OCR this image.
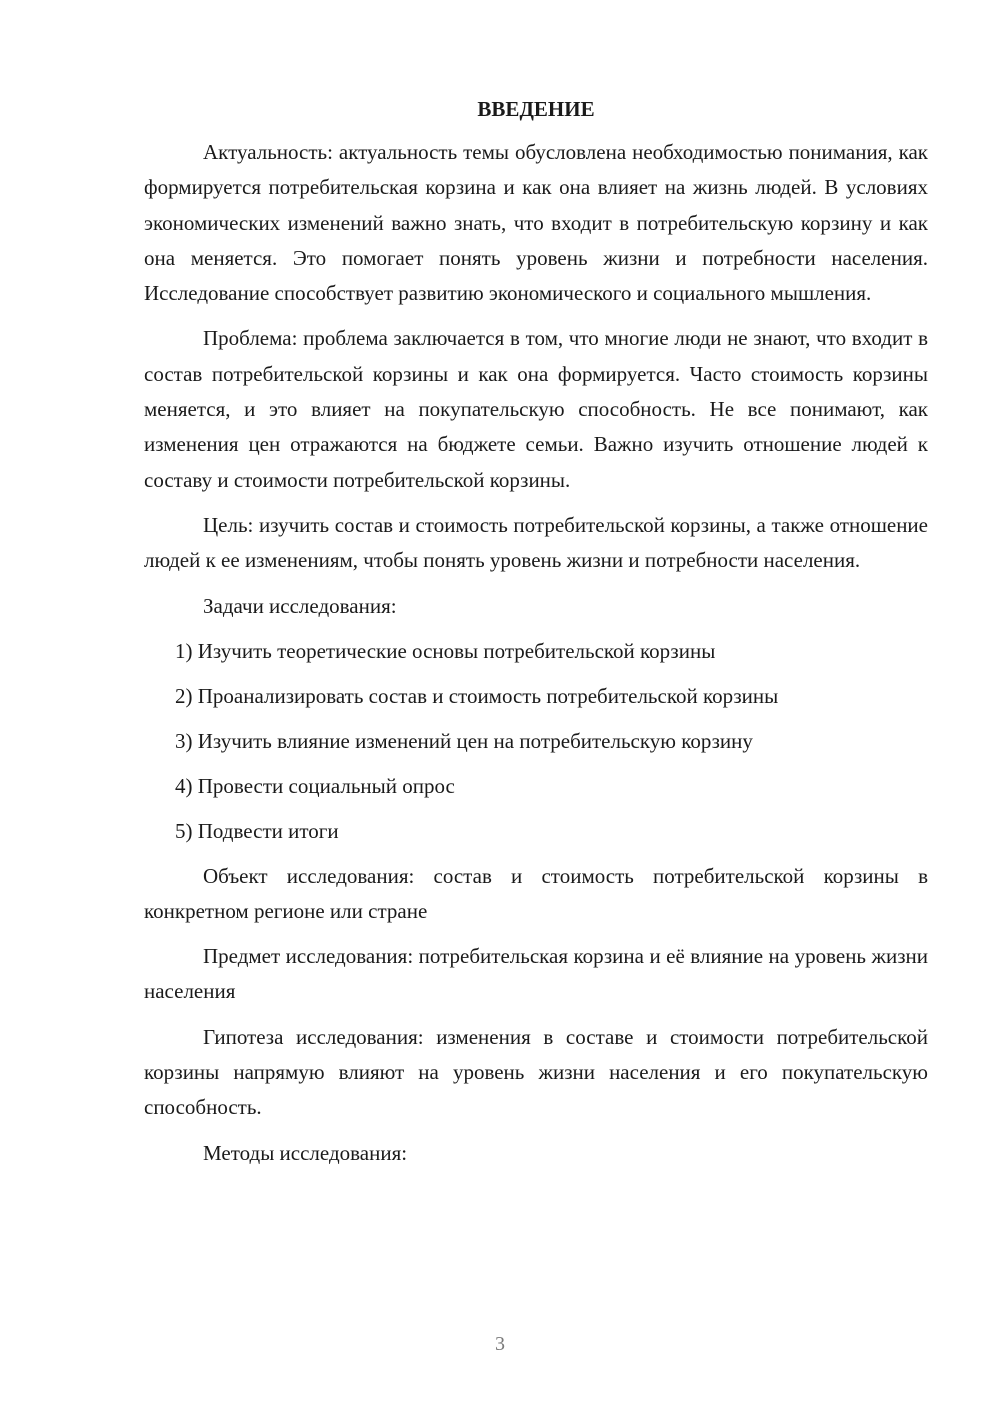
ВВЕДЕНИЕ

Актуальность: актуальность темы обусловлена необходимостью понимания, как формируется потребительская корзина и как она влияет на жизнь людей. В условиях экономических изменений важно знать, что входит в потребительскую корзину и как она меняется. Это помогает понять уровень жизни и потребности населения. Исследование способствует развитию экономического и социального мышления.

Проблема: проблема заключается в том, что многие люди не знают, что входит в состав потребительской корзины и как она формируется. Часто стоимость корзины меняется, и это влияет на покупательскую способность. Не все понимают, как изменения цен отражаются на бюджете семьи. Важно изучить отношение людей к составу и стоимости потребительской корзины.

Цель: изучить состав и стоимость потребительской корзины, а также отношение людей к ее изменениям, чтобы понять уровень жизни и потребности населения.

Задачи исследования:

1) Изучить теоретические основы потребительской корзины

2) Проанализировать состав и стоимость потребительской корзины

3) Изучить влияние изменений цен на потребительскую корзину

4) Провести социальный опрос

5) Подвести итоги

Объект исследования: состав и стоимость потребительской корзины в конкретном регионе или стране

Предмет исследования: потребительская корзина и её влияние на уровень жизни населения

Гипотеза исследования: изменения в составе и стоимости потребительской корзины напрямую влияют на уровень жизни населения и его покупательскую способность.

Методы исследования:

3
